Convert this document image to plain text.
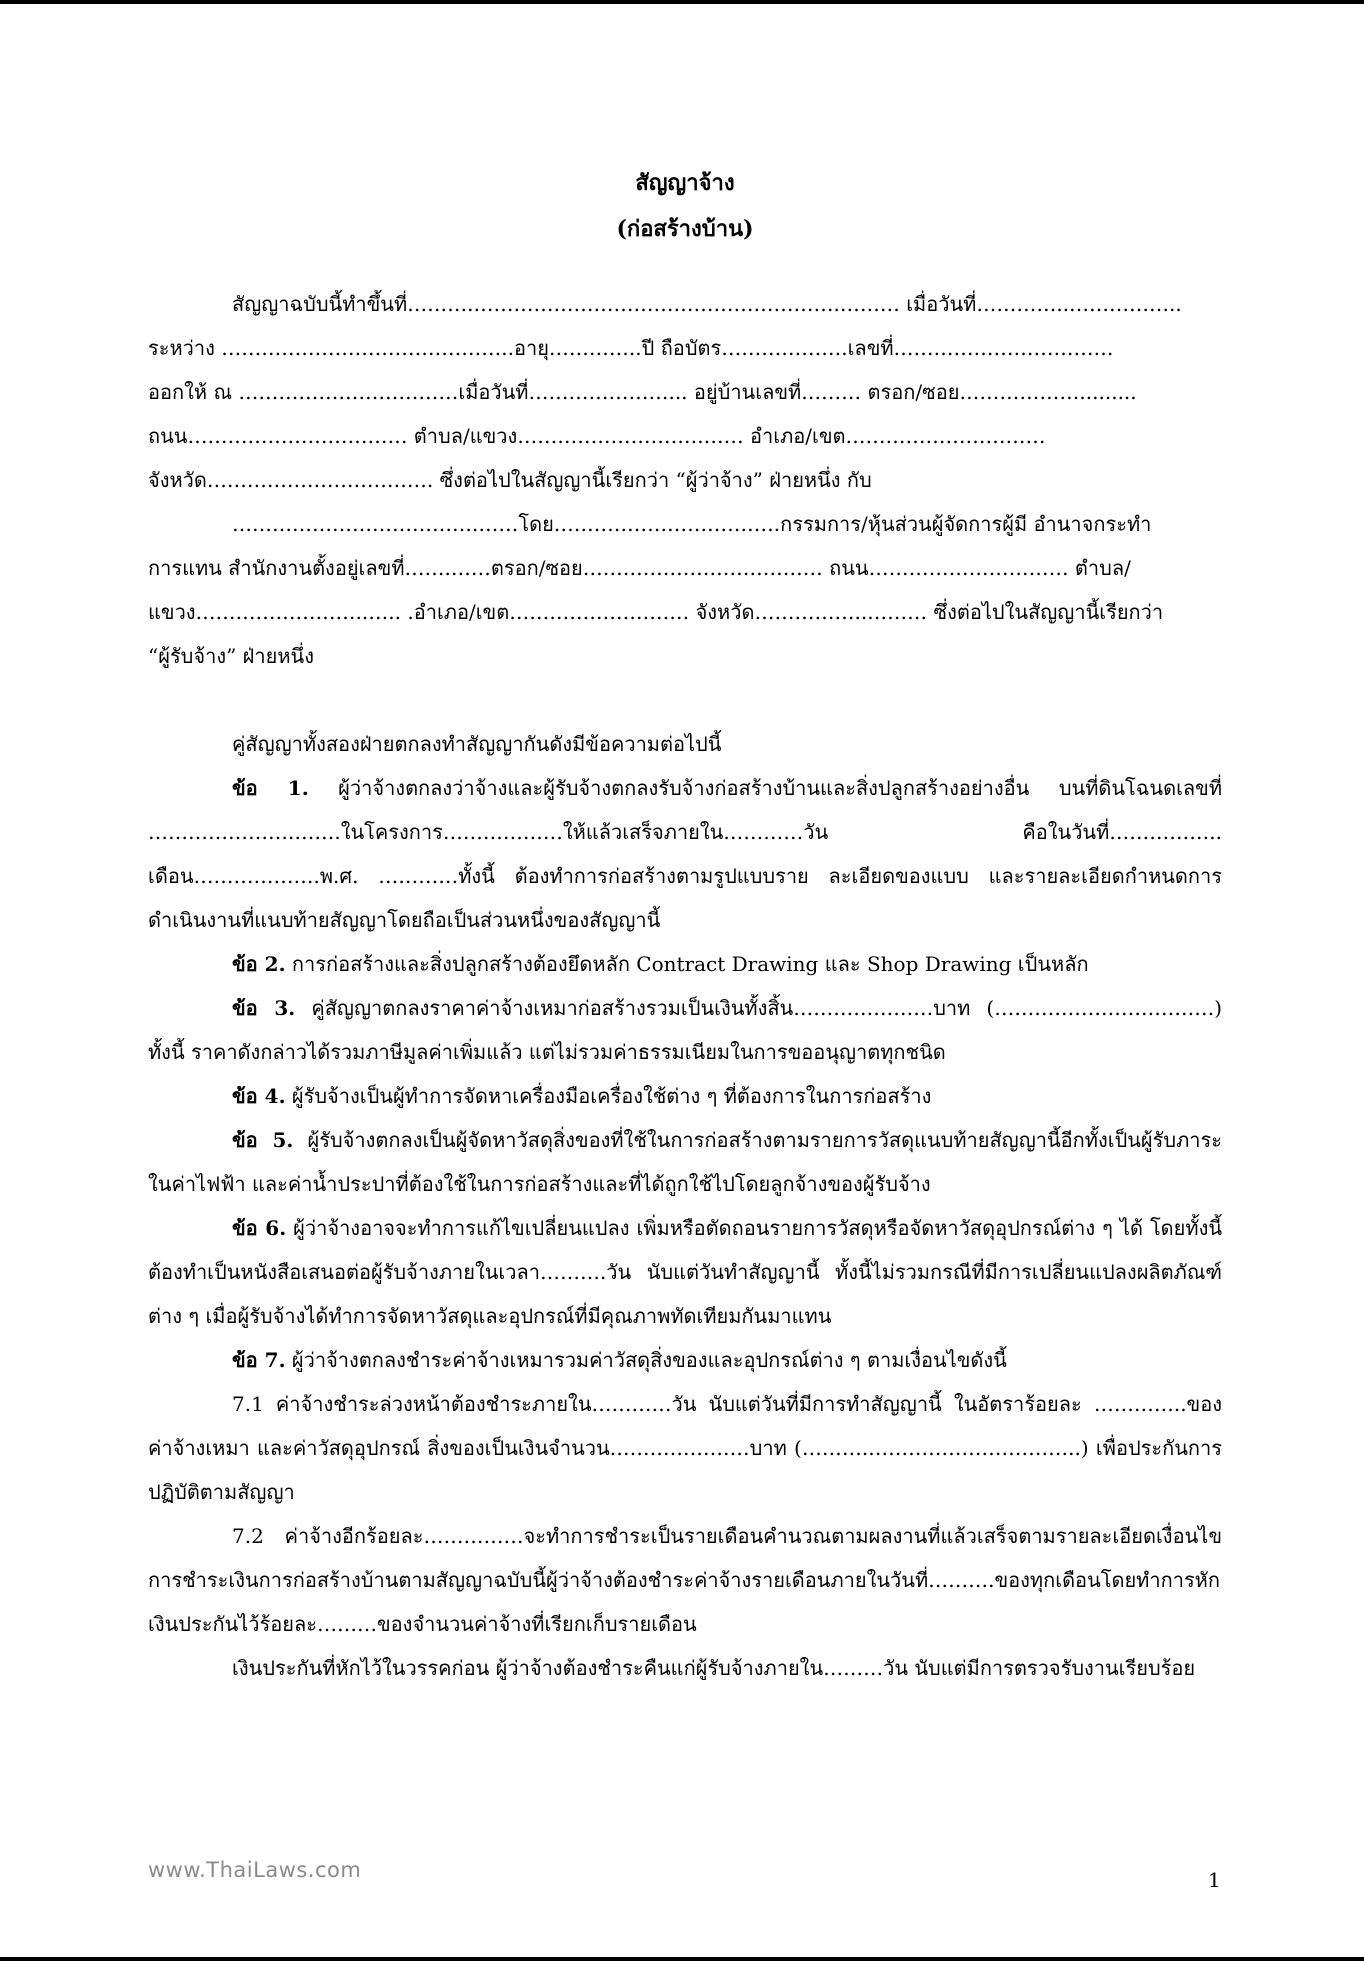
สัญญาจ้าง

(ก่อสร้างบ้าน)

สัญญาฉบับนี้ทำขึ้นที่……….……………………………………………….……… เมื่อวันที่…………..……………..

ระหว่าง ……………………………………..อายุ…………..ปี ถือบัตร……………….เลขที่……………………………

ออกให้ ณ ……………………………เมื่อวันที่…………………... อยู่บ้านเลขที่……… ตรอก/ซอย……………….........

ถนน…………………………… ตำบล/แขวง……………………….…… อำเภอ/เขต…………………………

จังหวัด……………………………. ซึ่งต่อไปในสัญญานี้เรียกว่า “ผู้ว่าจ้าง” ฝ่ายหนึ่ง กับ

……………………………….……โดย…………………………….กรรมการ/หุ้นส่วนผู้จัดการผู้มี อำนาจกระทำ

การแทน สำนักงานตั้งอยู่เลขที่…….……ตรอก/ซอย……………………………… ถนน………………………… ตำบล/

แขวง……………………..….. .อำเภอ/เขต……………………… จังหวัด……………..……… ซึ่งต่อไปในสัญญานี้เรียกว่า

“ผู้รับจ้าง” ฝ่ายหนึ่ง

คู่สัญญาทั้งสองฝ่ายตกลงทำสัญญากันดังมีข้อความต่อไปนี้

ข้อ 1. ผู้ว่าจ้างตกลงว่าจ้างและผู้รับจ้างตกลงรับจ้างก่อสร้างบ้านและสิ่งปลูกสร้างอย่างอื่น บนที่ดินโฉนดเลขที่ ………………….…….ในโครงการ………………ให้แล้วเสร็จภายใน…………วัน คือในวันที่…………….. เดือน……………….พ.ศ. …………ทั้งนี้ ต้องทำการก่อสร้างตามรูปแบบราย ละเอียดของแบบ และรายละเอียดกำหนดการดำเนินงานที่แนบท้ายสัญญาโดยถือเป็นส่วนหนึ่งของสัญญานี้

ข้อ 2. การก่อสร้างและสิ่งปลูกสร้างต้องยึดหลัก Contract Drawing และ Shop Drawing เป็นหลัก

ข้อ 3. คู่สัญญาตกลงราคาค่าจ้างเหมาก่อสร้างรวมเป็นเงินทั้งสิ้น…………………บาท (……………………………) ทั้งนี้ ราคาดังกล่าวได้รวมภาษีมูลค่าเพิ่มแล้ว แต่ไม่รวมค่าธรรมเนียมในการขออนุญาตทุกชนิด

ข้อ 4. ผู้รับจ้างเป็นผู้ทำการจัดหาเครื่องมือเครื่องใช้ต่าง ๆ ที่ต้องการในการก่อสร้าง

ข้อ 5. ผู้รับจ้างตกลงเป็นผู้จัดหาวัสดุสิ่งของที่ใช้ในการก่อสร้างตามรายการวัสดุแนบท้ายสัญญานี้อีกทั้งเป็นผู้รับภาระในค่าไฟฟ้า และค่าน้ำประปาที่ต้องใช้ในการก่อสร้างและที่ได้ถูกใช้ไปโดยลูกจ้างของผู้รับจ้าง

ข้อ 6. ผู้ว่าจ้างอาจจะทำการแก้ไขเปลี่ยนแปลง เพิ่มหรือตัดถอนรายการวัสดุหรือจัดหาวัสดุอุปกรณ์ต่าง ๆ ได้ โดยทั้งนี้ต้องทำเป็นหนังสือเสนอต่อผู้รับจ้างภายในเวลา……….วัน นับแต่วันทำสัญญานี้ ทั้งนี้ไม่รวมกรณีที่มีการเปลี่ยนแปลงผลิตภัณฑ์ต่าง ๆ เมื่อผู้รับจ้างได้ทำการจัดหาวัสดุและอุปกรณ์ที่มีคุณภาพทัดเทียมกันมาแทน

ข้อ 7. ผู้ว่าจ้างตกลงชำระค่าจ้างเหมารวมค่าวัสดุสิ่งของและอุปกรณ์ต่าง ๆ ตามเงื่อนไขดังนี้

7.1 ค่าจ้างชำระล่วงหน้าต้องชำระภายใน…………วัน นับแต่วันที่มีการทำสัญญานี้ ในอัตราร้อยละ …………..ของค่าจ้างเหมา และค่าวัสดุอุปกรณ์ สิ่งของเป็นเงินจำนวน…………………บาท (……….…………………………..) เพื่อประกันการปฏิบัติตามสัญญา

7.2 ค่าจ้างอีกร้อยละ……………จะทำการชำระเป็นรายเดือนคำนวณตามผลงานที่แล้วเสร็จตามรายละเอียดเงื่อนไขการชำระเงินการก่อสร้างบ้านตามสัญญาฉบับนี้ผู้ว่าจ้างต้องชำระค่าจ้างรายเดือนภายในวันที่……….ของทุกเดือนโดยทำการหักเงินประกันไว้ร้อยละ………ของจำนวนค่าจ้างที่เรียกเก็บรายเดือน

เงินประกันที่หักไว้ในวรรคก่อน ผู้ว่าจ้างต้องชำระคืนแก่ผู้รับจ้างภายใน………วัน นับแต่มีการตรวจรับงานเรียบร้อย

www.ThaiLaws.com	1
